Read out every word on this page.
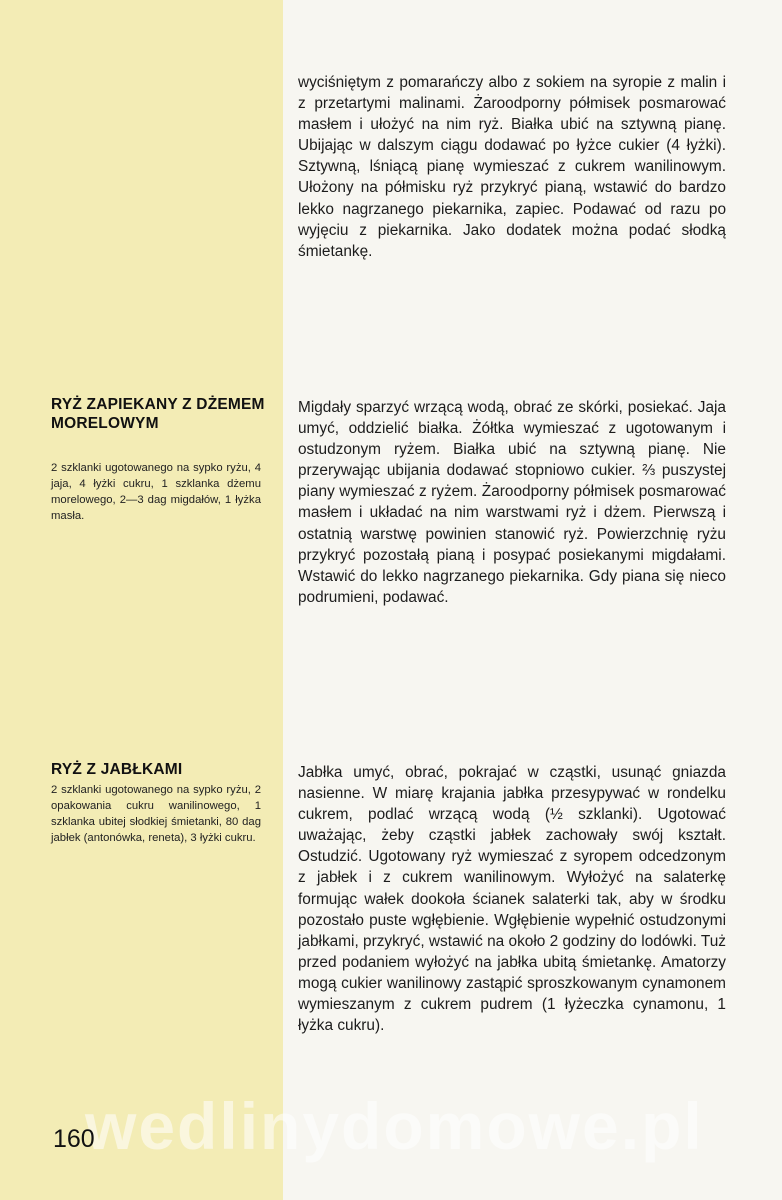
wyciśniętym z pomarańczy albo z sokiem na syropie z malin i z przetartymi malinami. Żaroodporny półmisek posmarować masłem i ułożyć na nim ryż. Białka ubić na sztywną pianę. Ubijając w dalszym ciągu dodawać po łyżce cukier (4 łyżki). Sztywną, lśniącą pianę wymieszać z cukrem wanilinowym. Ułożony na półmisku ryż przykryć pianą, wstawić do bardzo lekko nagrzanego piekarnika, zapiec. Podawać od razu po wyjęciu z piekarnika. Jako dodatek można podać słodką śmietankę.

RYŻ ZAPIEKANY Z DŻEMEM MORELOWYM

2 szklanki ugotowanego na sypko ryżu, 4 jaja, 4 łyżki cukru, 1 szklanka dżemu morelowego, 2—3 dag migdałów, 1 łyżka masła.

Migdały sparzyć wrzącą wodą, obrać ze skórki, posiekać. Jaja umyć, oddzielić białka. Żółtka wymieszać z ugotowanym i ostudzonym ryżem. Białka ubić na sztywną pianę. Nie przerywając ubijania dodawać stopniowo cukier. ⅔ puszystej piany wymieszać z ryżem. Żaroodporny półmisek posmarować masłem i układać na nim warstwami ryż i dżem. Pierwszą i ostatnią warstwę powinien stanowić ryż. Powierzchnię ryżu przykryć pozostałą pianą i posypać posiekanymi migdałami. Wstawić do lekko nagrzanego piekarnika. Gdy piana się nieco podrumieni, podawać.

RYŻ Z JABŁKAMI

2 szklanki ugotowanego na sypko ryżu, 2 opakowania cukru wanilinowego, 1 szklanka ubitej słodkiej śmietanki, 80 dag jabłek (antonówka, reneta), 3 łyżki cukru.

Jabłka umyć, obrać, pokrajać w cząstki, usunąć gniazda nasienne. W miarę krajania jabłka przesypywać w rondelku cukrem, podlać wrzącą wodą (½ szklanki). Ugotować uważając, żeby cząstki jabłek zachowały swój kształt. Ostudzić. Ugotowany ryż wymieszać z syropem odcedzonym z jabłek i z cukrem wanilinowym. Wyłożyć na salaterkę formując wałek dookoła ścianek salaterki tak, aby w środku pozostało puste wgłębienie. Wgłębienie wypełnić ostudzonymi jabłkami, przykryć, wstawić na około 2 godziny do lodówki. Tuż przed podaniem wyłożyć na jabłka ubitą śmietankę. Amatorzy mogą cukier wanilinowy zastąpić sproszkowanym cynamonem wymieszanym z cukrem pudrem (1 łyżeczka cynamonu, 1 łyżka cukru).

wedlinydomowe.pl

160
